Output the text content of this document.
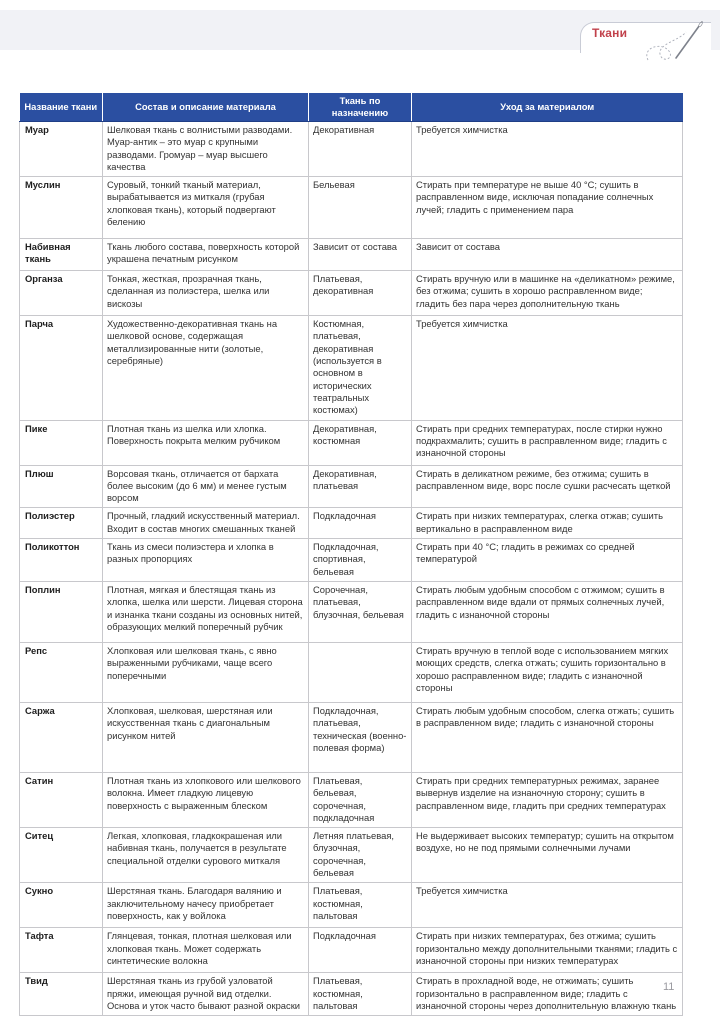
Ткани
Название ткани	Состав и описание материала	Ткань по назначению	Уход за материалом
Муар	Шелковая ткань с волнистыми разводами. Муар-антик – это муар с крупными разводами. Громуар – муар высшего качества	Декоративная	Требуется химчистка
Муслин	Суровый, тонкий тканый материал, вырабатывается из миткаля (грубая хлопковая ткань), который подвергают белению	Бельевая	Стирать при температуре не выше 40 °С; сушить в расправленном виде, исключая попадание солнечных лучей; гладить с применением пара
Набивная ткань	Ткань любого состава, поверхность которой украшена печатным рисунком	Зависит от состава	Зависит от состава
Органза	Тонкая, жесткая, прозрачная ткань, сделанная из полиэстера, шелка или вискозы	Платьевая, декоративная	Стирать вручную или в машинке на «деликатном» режиме, без отжима; сушить в хорошо расправленном виде; гладить без пара через дополнительную ткань
Парча	Художественно-декоративная ткань на шелковой основе, содержащая металлизированные нити (золотые, серебряные)	Костюмная, платьевая, декоративная (используется в основном в исторических театральных костюмах)	Требуется химчистка
Пике	Плотная ткань из шелка или хлопка. Поверхность покрыта мелким рубчиком	Декоративная, костюмная	Стирать при средних температурах, после стирки нужно подкрахмалить; сушить в расправленном виде; гладить с изнаночной стороны
Плюш	Ворсовая ткань, отличается от бархата более высоким (до 6 мм) и менее густым ворсом	Декоративная, платьевая	Стирать в деликатном режиме, без отжима; сушить в расправленном виде, ворс после сушки расчесать щеткой
Полиэстер	Прочный, гладкий искусственный материал. Входит в состав многих смешанных тканей	Подкладочная	Стирать при низких температурах, слегка отжав; сушить вертикально в расправленном виде
Поликоттон	Ткань из смеси полиэстера и хлопка в разных пропорциях	Подкладочная, спортивная, бельевая	Стирать при 40 °С; гладить в режимах со средней температурой
Поплин	Плотная, мягкая и блестящая ткань из хлопка, шелка или шерсти. Лицевая сторона и изнанка ткани созданы из основных нитей, образующих мелкий поперечный рубчик	Сорочечная, платьевая, блузочная, бельевая	Стирать любым удобным способом с отжимом; сушить в расправленном виде вдали от прямых солнечных лучей, гладить с изнаночной стороны
Репс	Хлопковая или шелковая ткань, с явно выраженными рубчиками, чаще всего поперечными		Стирать вручную в теплой воде с использованием мягких моющих средств, слегка отжать; сушить горизонтально в хорошо расправленном виде; гладить с изнаночной стороны
Саржа	Хлопковая, шелковая, шерстяная или искусственная ткань с диагональным рисунком нитей	Подкладочная, платьевая, техническая (военно-полевая форма)	Стирать любым удобным способом, слегка отжать; сушить в расправленном виде; гладить с изнаночной стороны
Сатин	Плотная ткань из хлопкового или шелкового волокна. Имеет гладкую лицевую поверхность с выраженным блеском	Платьевая, бельевая, сорочечная, подкладочная	Стирать при средних температурных режимах, заранее вывернув изделие на изнаночную сторону; сушить в расправленном виде, гладить при средних температурах
Ситец	Легкая, хлопковая, гладкокрашеная или набивная ткань, получается в результате специальной отделки сурового миткаля	Летняя платьевая, блузочная, сорочечная, бельевая	Не выдерживает высоких температур; сушить на открытом воздухе, но не под прямыми солнечными лучами
Сукно	Шерстяная ткань. Благодаря валянию и заключительному начесу приобретает поверхность, как у войлока	Платьевая, костюмная, пальтовая	Требуется химчистка
Тафта	Глянцевая, тонкая, плотная шелковая или хлопковая ткань. Может содержать синтетические волокна	Подкладочная	Стирать при низких температурах, без отжима; сушить горизонтально между дополнительными тканями; гладить с изнаночной стороны при низких температурах
Твид	Шерстяная ткань из грубой узловатой пряжи, имеющая ручной вид отделки. Основа и уток часто бывают разной окраски	Платьевая, костюмная, пальтовая	Стирать в прохладной воде, не отжимать; сушить горизонтально в расправленном виде; гладить с изнаночной стороны через дополнительную влажную ткань
11
